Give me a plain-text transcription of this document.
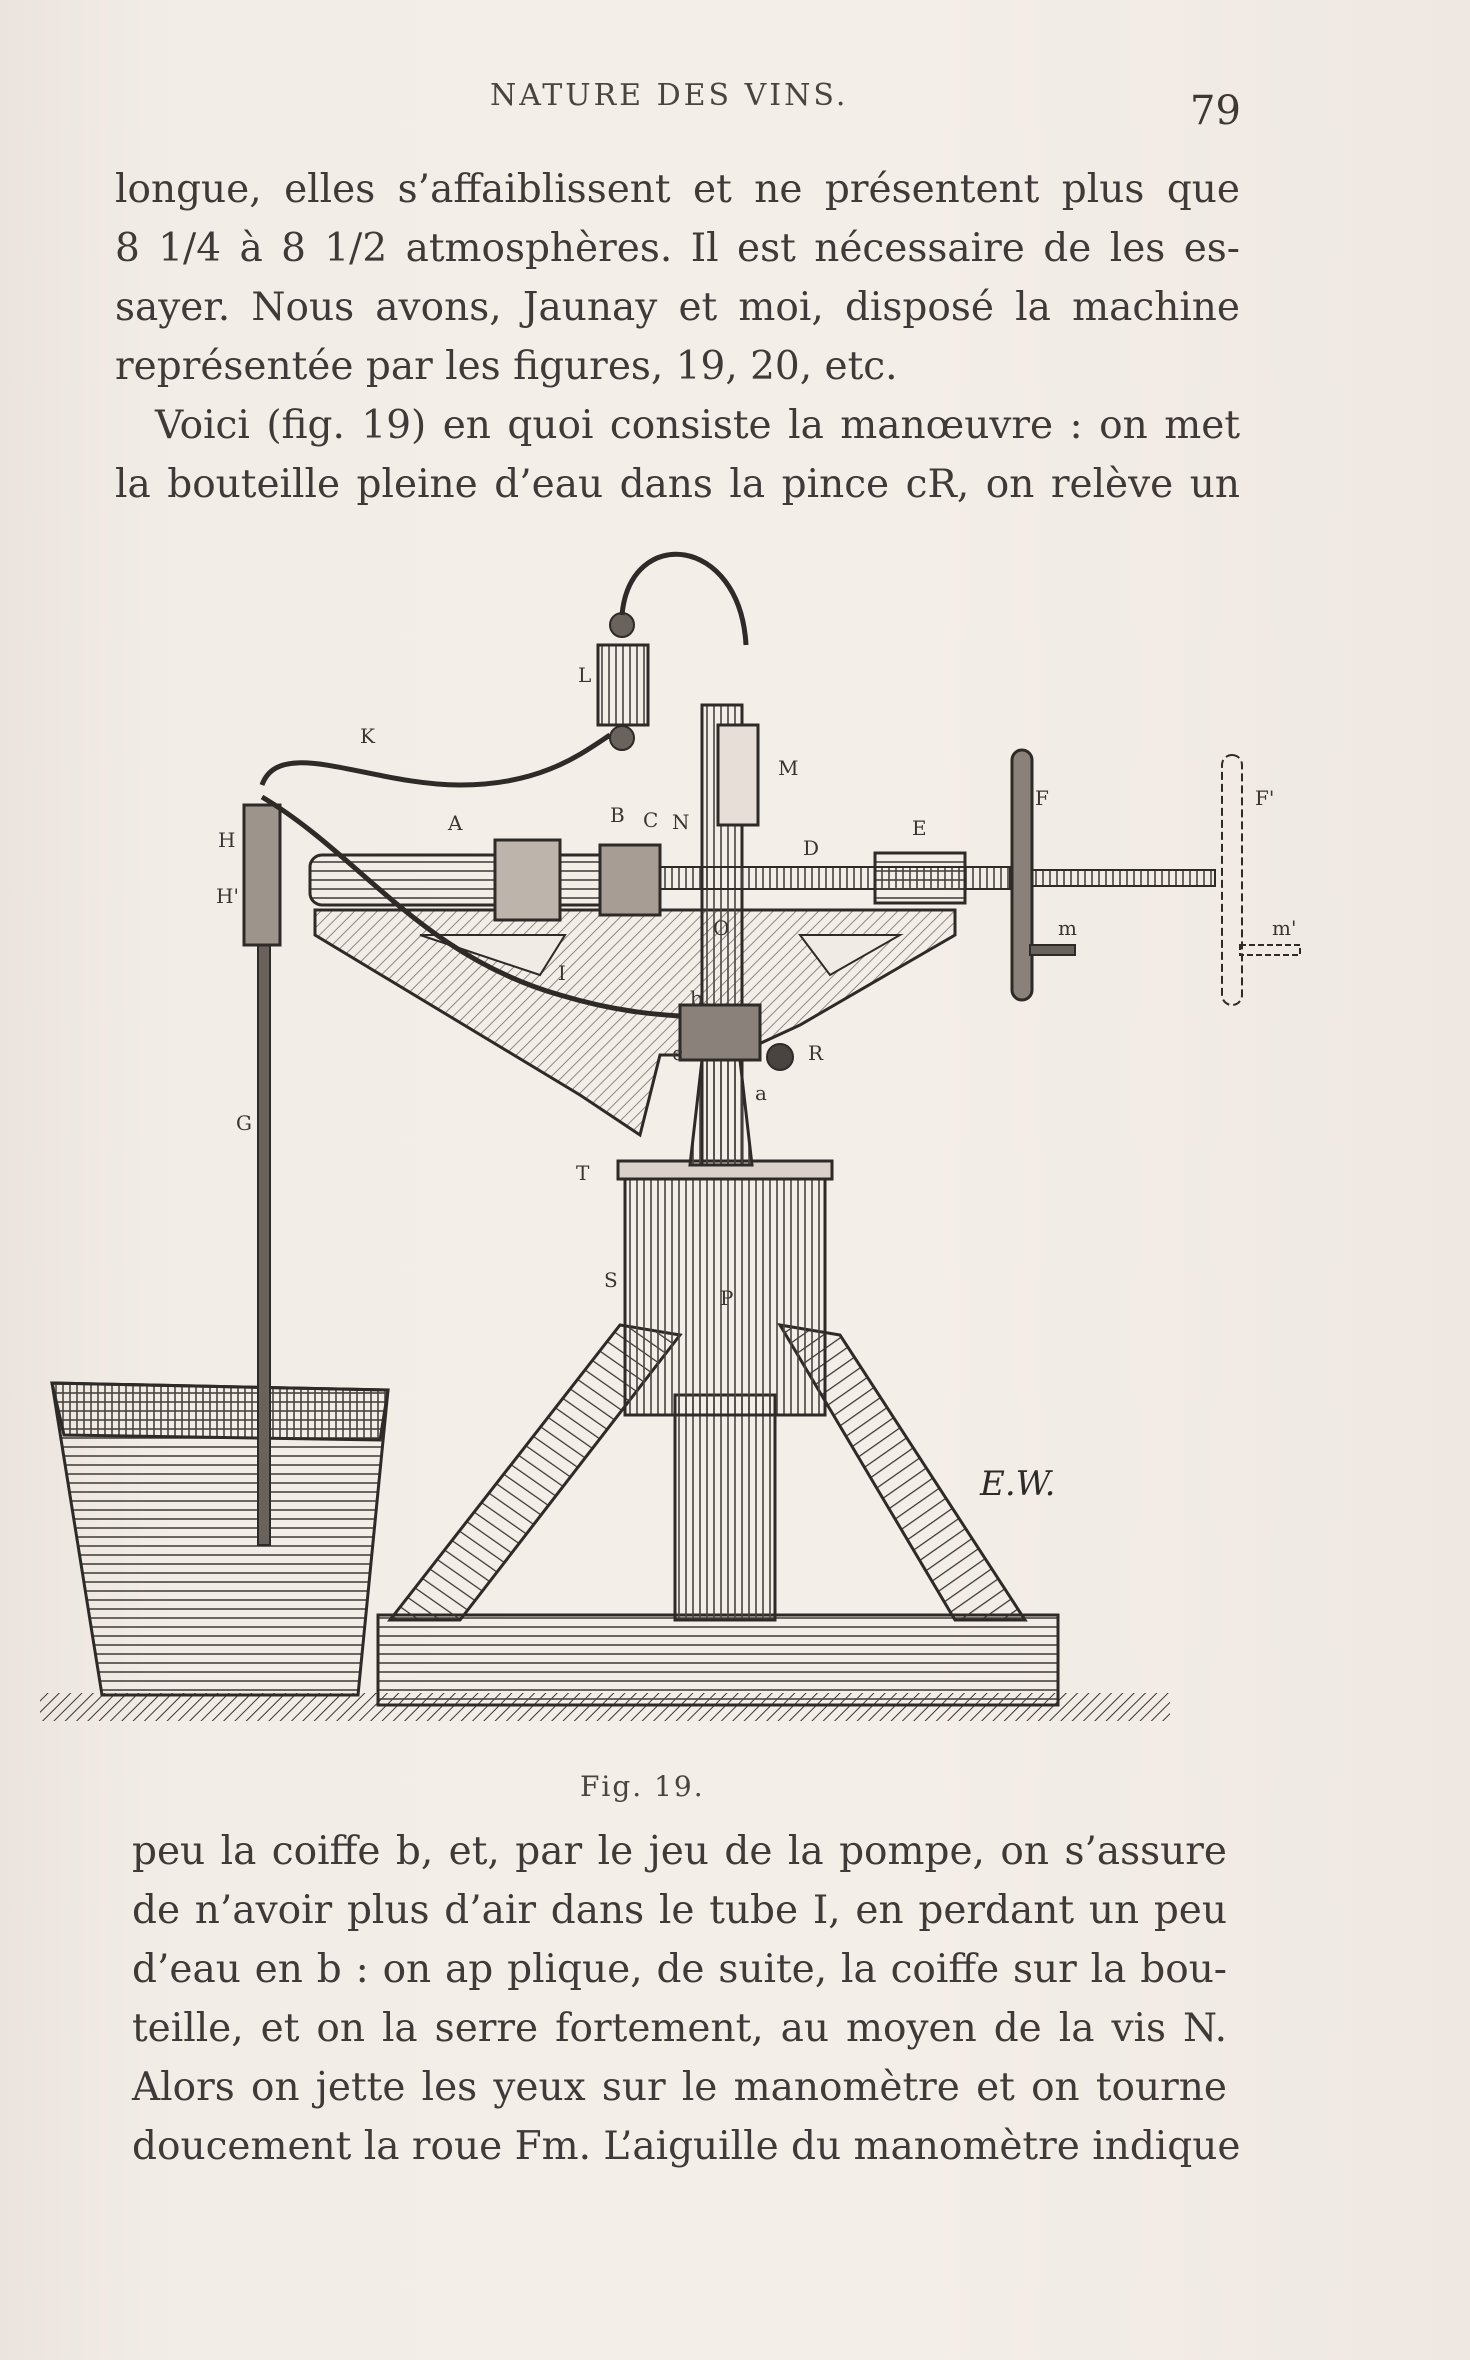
NATURE DES VINS.	79
longue, elles s’affaiblissent et ne présentent plus que
8 1/4 à 8 1/2 atmosphères. Il est nécessaire de les es-
sayer. Nous avons, Jaunay et moi, disposé la machine
représentée par les figures, 19, 20, etc.
Voici (fig. 19) en quoi consiste la manœuvre : on met
la bouteille pleine d’eau dans la pince cR, on relève un
L
K
M
H
H'
A	B C N
D
E
F	F'
m	m'
I
b
c	R
a
O
G
T
S
P
E.W.
Fig. 19.
peu la coiffe b, et, par le jeu de la pompe, on s’assure
de n’avoir plus d’air dans le tube I, en perdant un peu
d’eau en b : on ap plique, de suite, la coiffe sur la bou-
teille, et on la serre fortement, au moyen de la vis N.
Alors on jette les yeux sur le manomètre et on tourne
doucement la roue Fm. L’aiguille du manomètre indique
